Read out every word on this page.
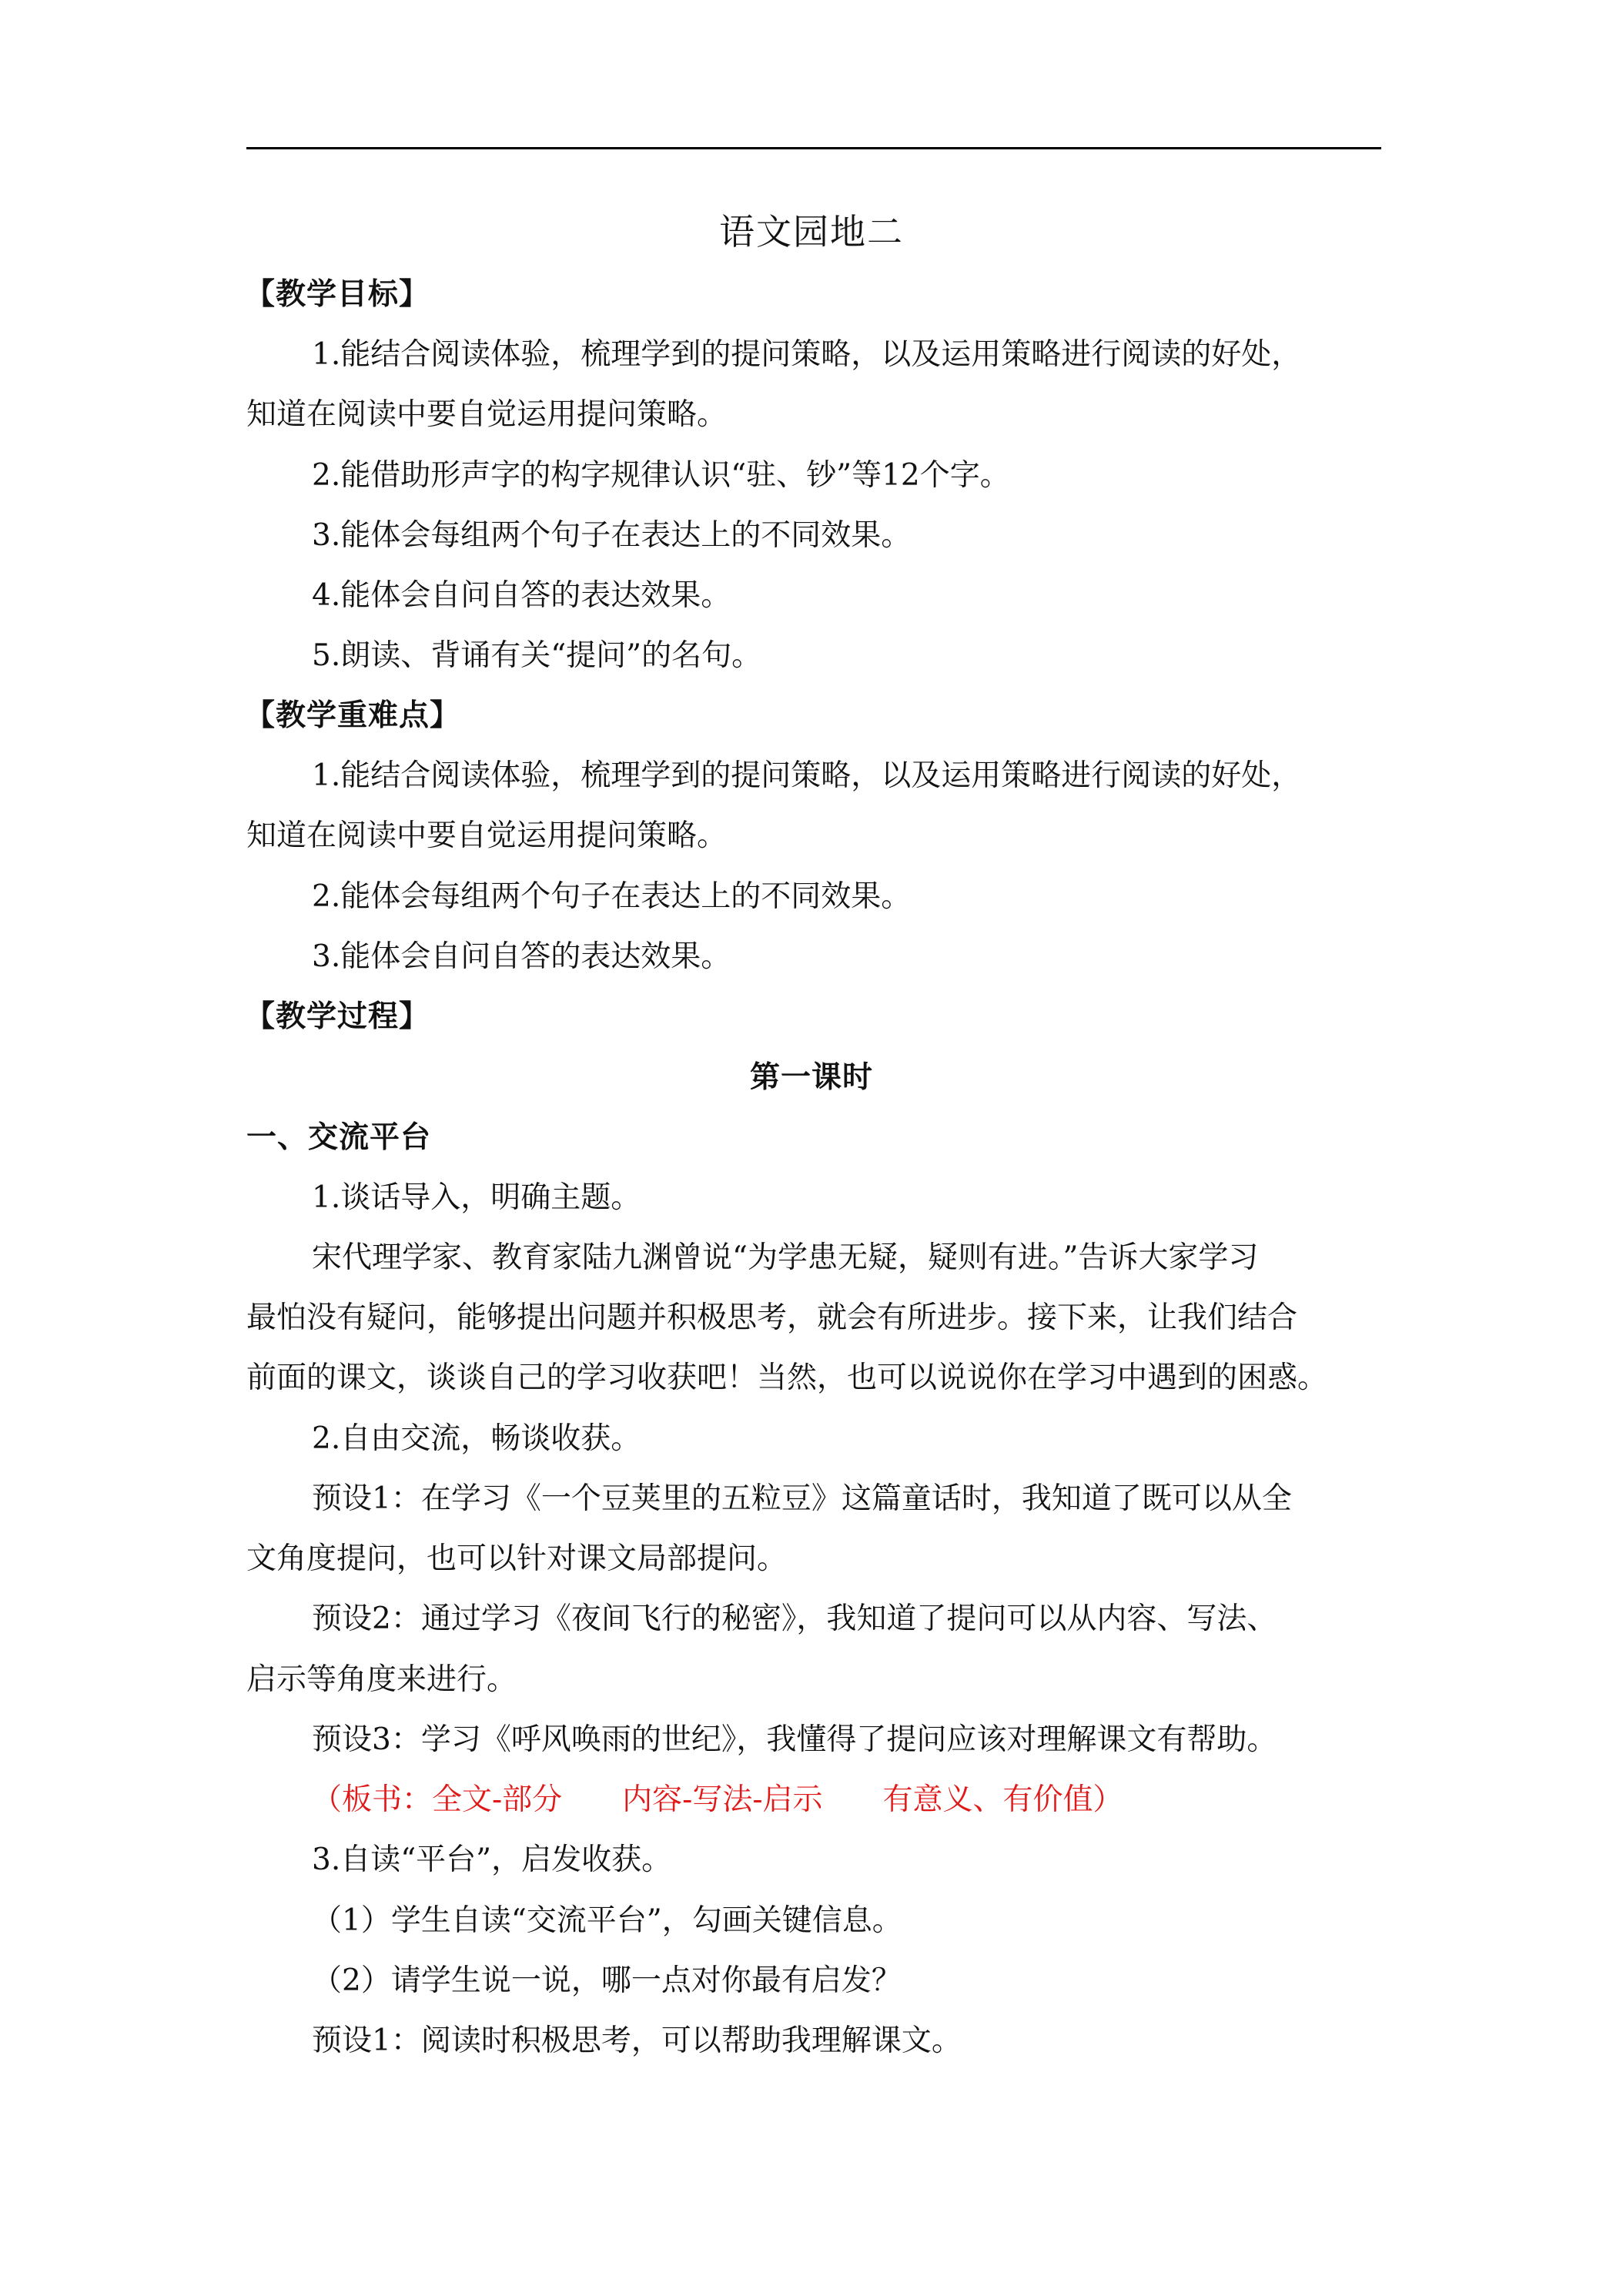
语文园地二
【教学目标】
1.能结合阅读体验，梳理学到的提问策略，以及运用策略进行阅读的好处，
知道在阅读中要自觉运用提问策略。
2.能借助形声字的构字规律认识“驻、钞”等12个字。
3.能体会每组两个句子在表达上的不同效果。
4.能体会自问自答的表达效果。
5.朗读、背诵有关“提问”的名句。
【教学重难点】
1.能结合阅读体验，梳理学到的提问策略，以及运用策略进行阅读的好处，
知道在阅读中要自觉运用提问策略。
2.能体会每组两个句子在表达上的不同效果。
3.能体会自问自答的表达效果。
【教学过程】
第一课时
一、交流平台
1.谈话导入，明确主题。
宋代理学家、教育家陆九渊曾说“为学患无疑，疑则有进。”告诉大家学习
最怕没有疑问，能够提出问题并积极思考，就会有所进步。接下来，让我们结合
前面的课文，谈谈自己的学习收获吧！当然，也可以说说你在学习中遇到的困惑。
2.自由交流，畅谈收获。
预设1：在学习《一个豆荚里的五粒豆》这篇童话时，我知道了既可以从全
文角度提问，也可以针对课文局部提问。
预设2：通过学习《夜间飞行的秘密》，我知道了提问可以从内容、写法、
启示等角度来进行。
预设3：学习《呼风唤雨的世纪》，我懂得了提问应该对理解课文有帮助。
（板书：全文-部分　　内容-写法-启示　　有意义、有价值）
3.自读“平台”，启发收获。
（1）学生自读“交流平台”，勾画关键信息。
（2）请学生说一说，哪一点对你最有启发？
预设1：阅读时积极思考，可以帮助我理解课文。
